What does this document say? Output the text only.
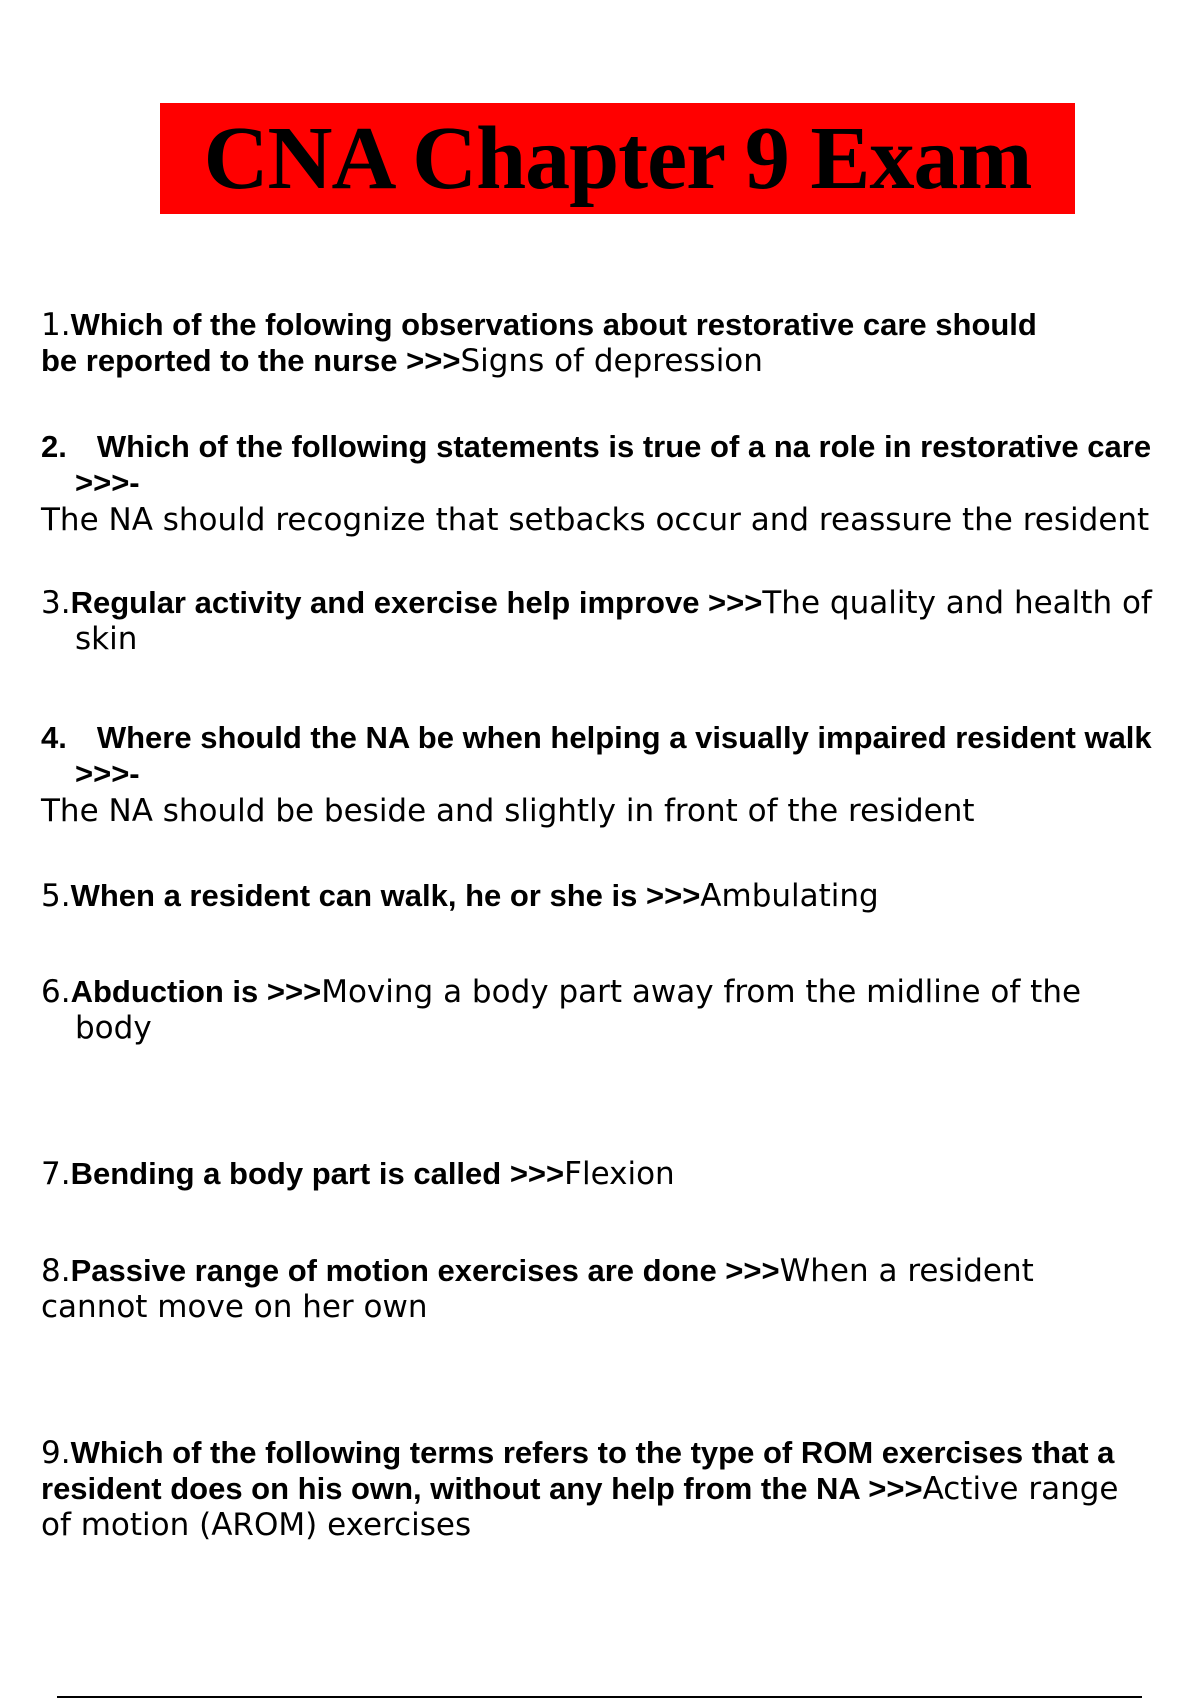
CNA Chapter 9 Exam
1.Which of the folowing observations about restorative care should
be reported to the nurse >>>Signs of depression
2. Which of the following statements is true of a na role in restorative care
>>>-
The NA should recognize that setbacks occur and reassure the resident
3.Regular activity and exercise help improve >>>The quality and health of
skin
4. Where should the NA be when helping a visually impaired resident walk
>>>-
The NA should be beside and slightly in front of the resident
5.When a resident can walk, he or she is >>>Ambulating
6.Abduction is >>>Moving a body part away from the midline of the
body
7.Bending a body part is called >>>Flexion
8.Passive range of motion exercises are done >>>When a resident
cannot move on her own
9.Which of the following terms refers to the type of ROM exercises that a
resident does on his own, without any help from the NA >>>Active range
of motion (AROM) exercises
